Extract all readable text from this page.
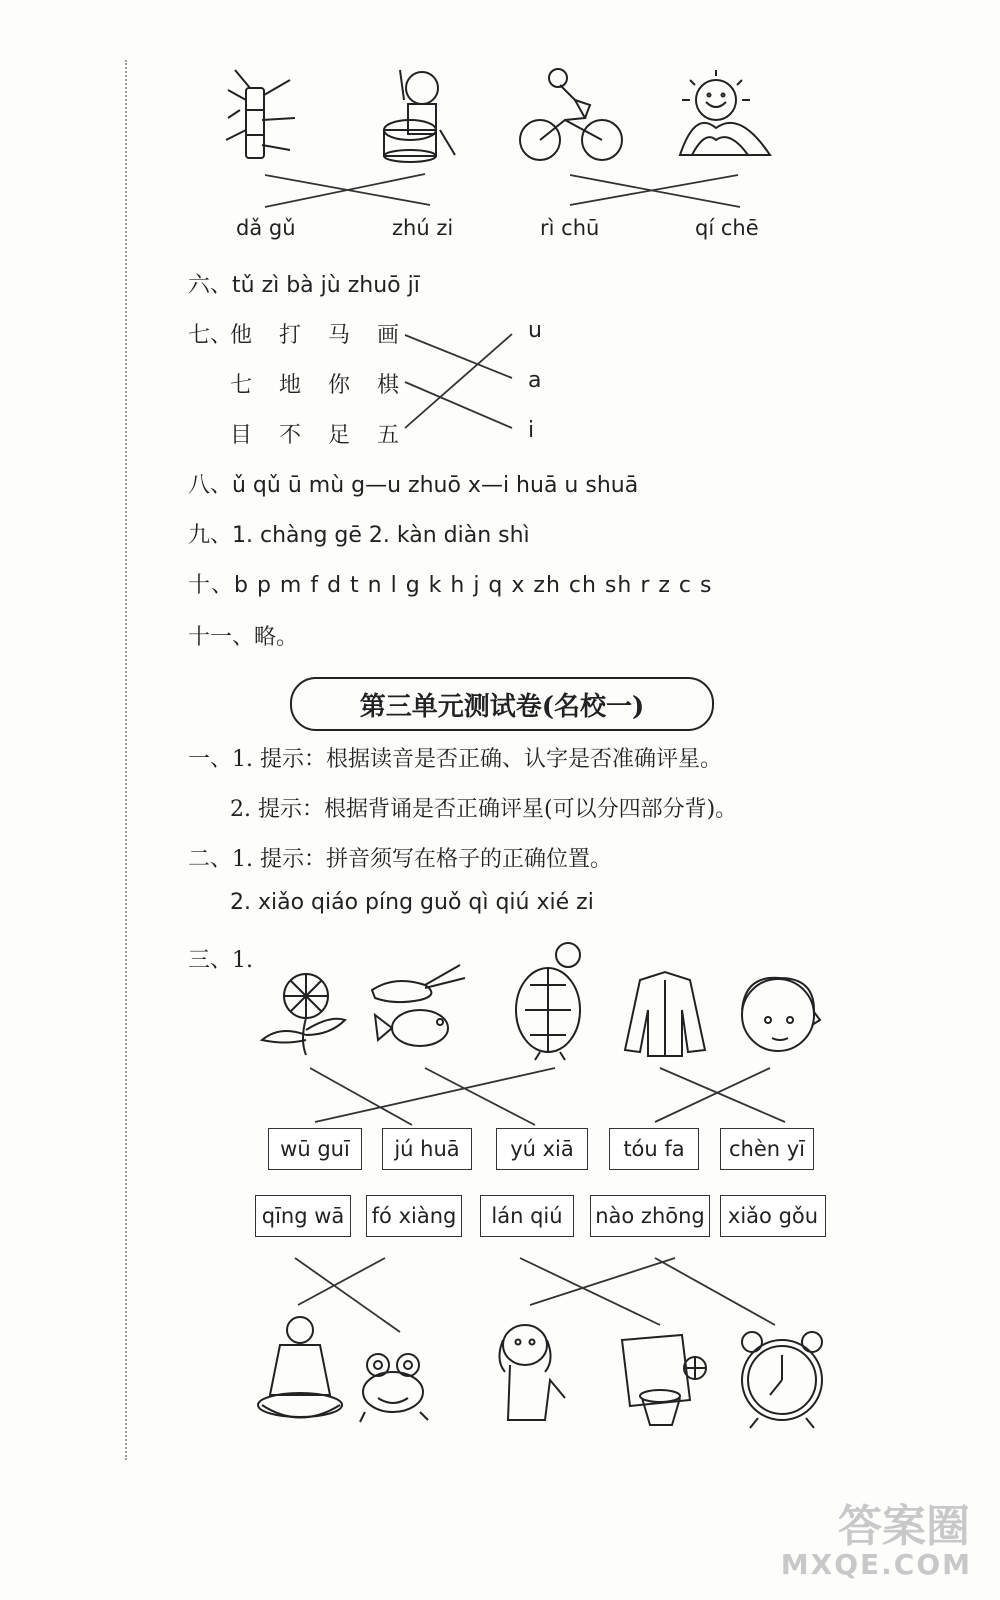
dǎ gǔ	zhú zi	rì chū	qí chē
六、tǔ zì bà jù zhuō jī
七、
他 打 马 画
七 地 你 棋
目 不 足 五
u
a
i
八、ǔ qǔ ū mù g—u zhuō x—i huā u shuā
九、1. chàng gē 2. kàn diàn shì
十、b p m f d t n l g k h j q x zh ch sh r z c s
十一、略。
第三单元测试卷(名校一)
一、1. 提示：根据读音是否正确、认字是否准确评星。
2. 提示：根据背诵是否正确评星(可以分四部分背)。
二、1. 提示：拼音须写在格子的正确位置。
2. xiǎo qiáo píng guǒ qì qiú xié zi
三、1.
wū guī	jú huā	yú xiā	tóu fa	chèn yī
qīng wā	fó xiàng	lán qiú	nào zhōng	xiǎo gǒu
答案圈
MXQE.COM
